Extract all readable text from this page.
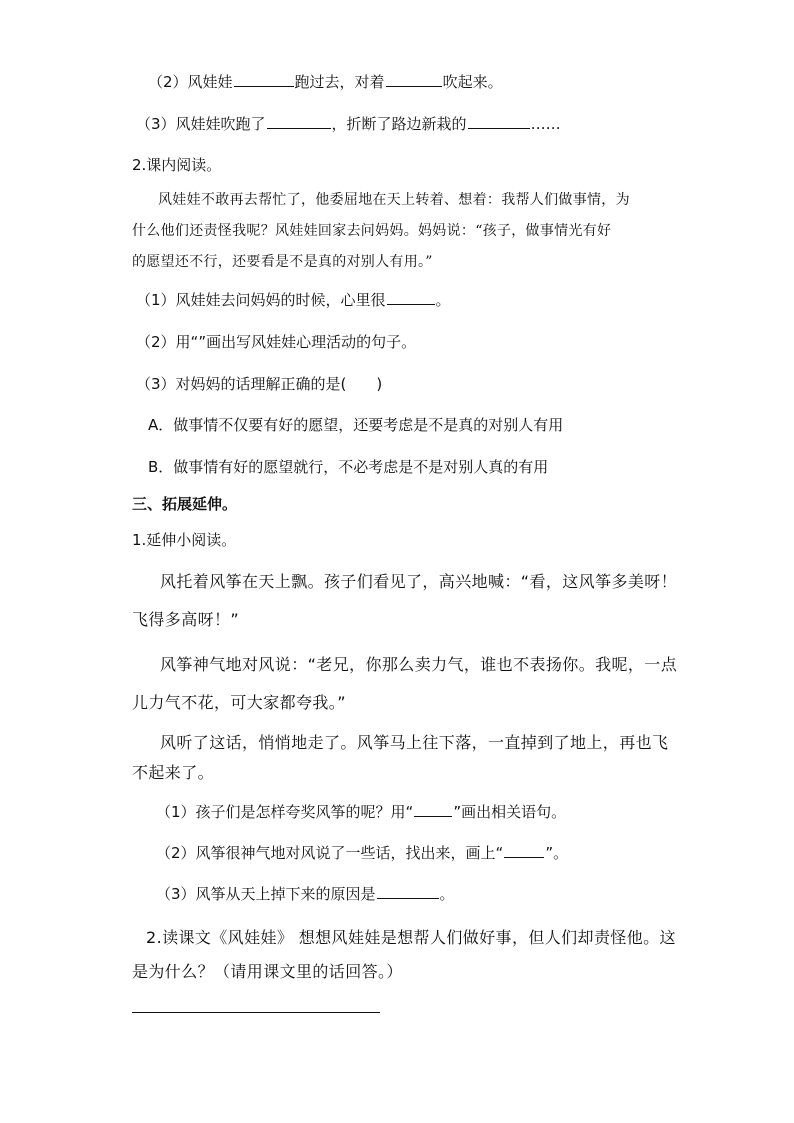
（2）风娃娃	跑过去，对着	吹起来。
（3）风娃娃吹跑了	，折断了路边新栽的	……
2.课内阅读。
风娃娃不敢再去帮忙了，他委屈地在天上转着、想着：我帮人们做事情，为
什么他们还责怪我呢？风娃娃回家去问妈妈。妈妈说：“孩子，做事情光有好
的愿望还不行，还要看是不是真的对别人有用。”
（1）风娃娃去问妈妈的时候，心里很	。
（2）用“”画出写风娃娃心理活动的句子。
（3）对妈妈的话理解正确的是(　　)
A．做事情不仅要有好的愿望，还要考虑是不是真的对别人有用
B．做事情有好的愿望就行，不必考虑是不是对别人真的有用
三、拓展延伸。
1.延伸小阅读。
风托着风筝在天上飘。孩子们看见了，高兴地喊：“看，这风筝多美呀！
飞得多高呀！”
风筝神气地对风说：“老兄，你那么卖力气，谁也不表扬你。我呢，一点
儿力气不花，可大家都夸我。”
风听了这话，悄悄地走了。风筝马上往下落，一直掉到了地上，再也飞
不起来了。
（1）孩子们是怎样夸奖风筝的呢？用“	”画出相关语句。
（2）风筝很神气地对风说了一些话，找出来，画上“	”。
（3）风筝从天上掉下来的原因是	。
2.读课文《风娃娃》 想想风娃娃是想帮人们做好事，但人们却责怪他。这
是为什么？（请用课文里的话回答。）
